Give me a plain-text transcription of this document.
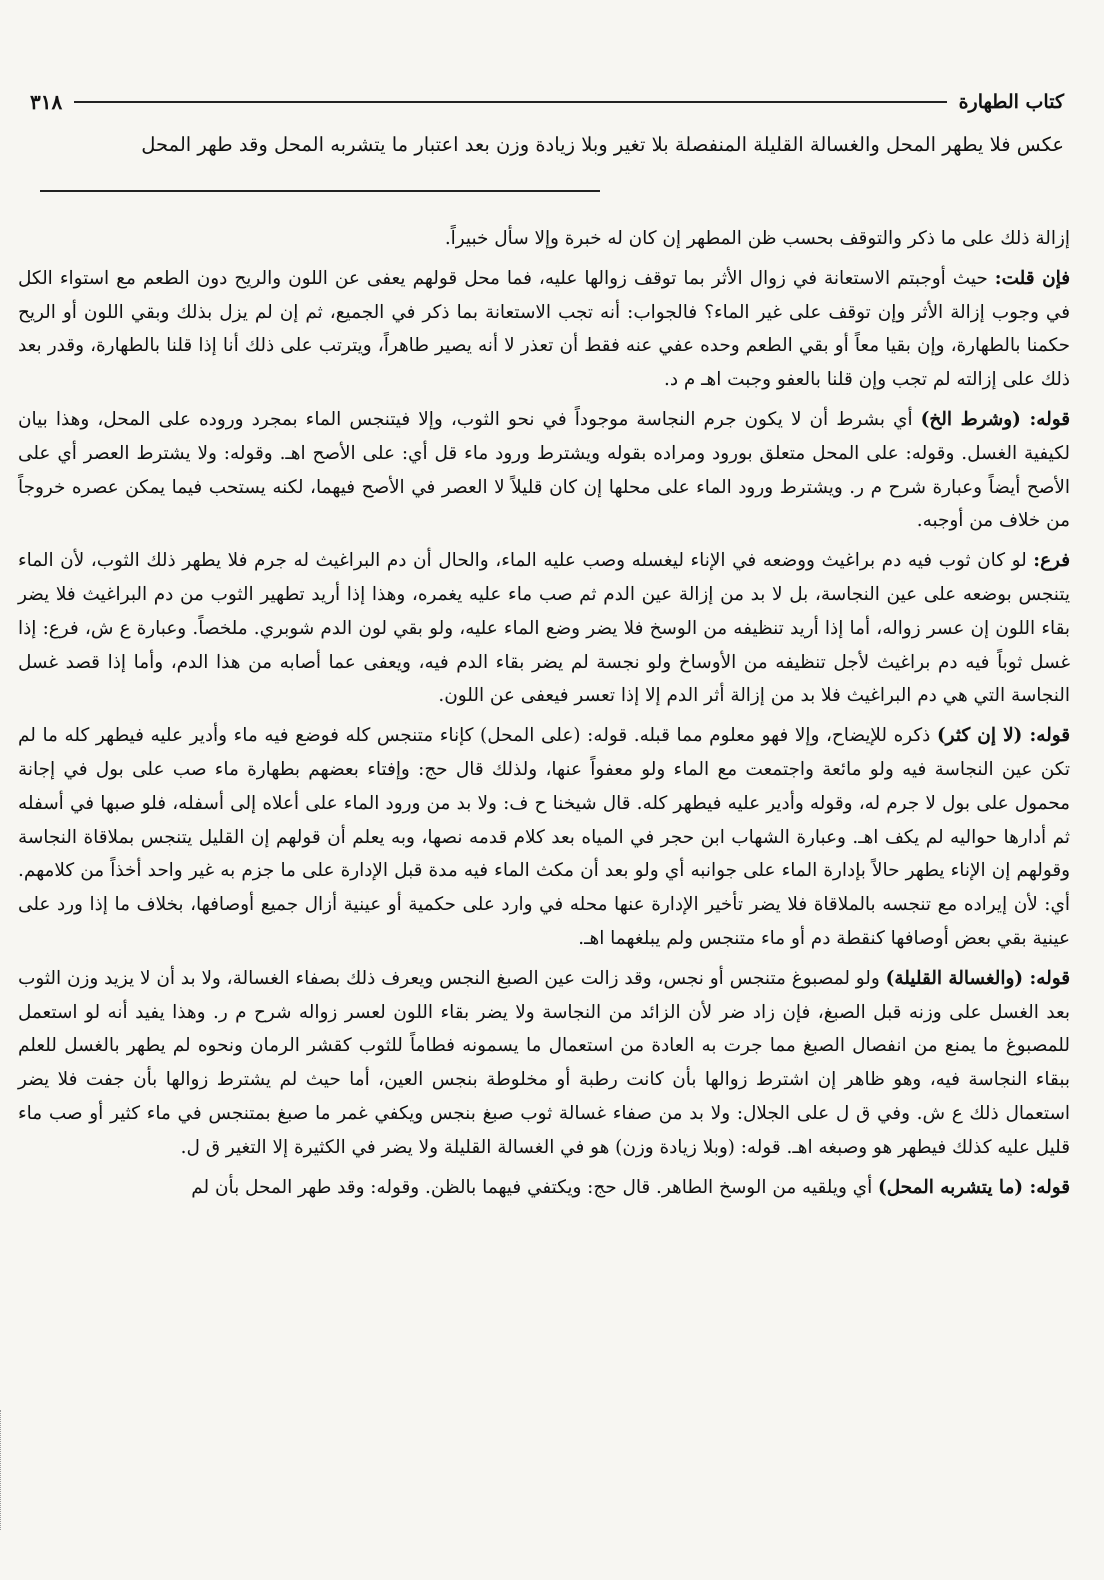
٣١٨	كتاب الطهارة
عكس فلا يطهر المحل والغسالة القليلة المنفصلة بلا تغير وبلا زيادة وزن بعد اعتبار ما يتشربه المحل وقد طهر المحل

إزالة ذلك على ما ذكر والتوقف بحسب ظن المطهر إن كان له خبرة وإلا سأل خبيراً.

فإن قلت: حيث أوجبتم الاستعانة في زوال الأثر بما توقف زوالها عليه، فما محل قولهم يعفى عن اللون والريح دون الطعم مع استواء الكل في وجوب إزالة الأثر وإن توقف على غير الماء؟ فالجواب: أنه تجب الاستعانة بما ذكر في الجميع، ثم إن لم يزل بذلك وبقي اللون أو الريح حكمنا بالطهارة، وإن بقيا معاً أو بقي الطعم وحده عفي عنه فقط أن تعذر لا أنه يصير طاهراً، ويترتب على ذلك أنا إذا قلنا بالطهارة، وقدر بعد ذلك على إزالته لم تجب وإن قلنا بالعفو وجبت اهـ م د.

قوله: (وشرط الخ) أي بشرط أن لا يكون جرم النجاسة موجوداً في نحو الثوب، وإلا فيتنجس الماء بمجرد وروده على المحل، وهذا بيان لكيفية الغسل. وقوله: على المحل متعلق بورود ومراده بقوله ويشترط ورود ماء قل أي: على الأصح اهـ. وقوله: ولا يشترط العصر أي على الأصح أيضاً وعبارة شرح م ر. ويشترط ورود الماء على محلها إن كان قليلاً لا العصر في الأصح فيهما، لكنه يستحب فيما يمكن عصره خروجاً من خلاف من أوجبه.

فرع: لو كان ثوب فيه دم براغيث ووضعه في الإناء ليغسله وصب عليه الماء، والحال أن دم البراغيث له جرم فلا يطهر ذلك الثوب، لأن الماء يتنجس بوضعه على عين النجاسة، بل لا بد من إزالة عين الدم ثم صب ماء عليه يغمره، وهذا إذا أريد تطهير الثوب من دم البراغيث فلا يضر بقاء اللون إن عسر زواله، أما إذا أريد تنظيفه من الوسخ فلا يضر وضع الماء عليه، ولو بقي لون الدم شوبري. ملخصاً. وعبارة ع ش، فرع: إذا غسل ثوباً فيه دم براغيث لأجل تنظيفه من الأوساخ ولو نجسة لم يضر بقاء الدم فيه، ويعفى عما أصابه من هذا الدم، وأما إذا قصد غسل النجاسة التي هي دم البراغيث فلا بد من إزالة أثر الدم إلا إذا تعسر فيعفى عن اللون.

قوله: (لا إن كثر) ذكره للإيضاح، وإلا فهو معلوم مما قبله. قوله: (على المحل) كإناء متنجس كله فوضع فيه ماء وأدير عليه فيطهر كله ما لم تكن عين النجاسة فيه ولو مائعة واجتمعت مع الماء ولو معفواً عنها، ولذلك قال حج: وإفتاء بعضهم بطهارة ماء صب على بول في إجانة محمول على بول لا جرم له، وقوله وأدير عليه فيطهر كله. قال شيخنا ح ف: ولا بد من ورود الماء على أعلاه إلى أسفله، فلو صبها في أسفله ثم أدارها حواليه لم يكف اهـ. وعبارة الشهاب ابن حجر في المياه بعد كلام قدمه نصها، وبه يعلم أن قولهم إن القليل يتنجس بملاقاة النجاسة وقولهم إن الإناء يطهر حالاً بإدارة الماء على جوانبه أي ولو بعد أن مكث الماء فيه مدة قبل الإدارة على ما جزم به غير واحد أخذاً من كلامهم. أي: لأن إيراده مع تنجسه بالملاقاة فلا يضر تأخير الإدارة عنها محله في وارد على حكمية أو عينية أزال جميع أوصافها، بخلاف ما إذا ورد على عينية بقي بعض أوصافها كنقطة دم أو ماء متنجس ولم يبلغهما اهـ.

قوله: (والغسالة القليلة) ولو لمصبوغ متنجس أو نجس، وقد زالت عين الصبغ النجس ويعرف ذلك بصفاء الغسالة، ولا بد أن لا يزيد وزن الثوب بعد الغسل على وزنه قبل الصبغ، فإن زاد ضر لأن الزائد من النجاسة ولا يضر بقاء اللون لعسر زواله شرح م ر. وهذا يفيد أنه لو استعمل للمصبوغ ما يمنع من انفصال الصبغ مما جرت به العادة من استعمال ما يسمونه فطاماً للثوب كقشر الرمان ونحوه لم يطهر بالغسل للعلم ببقاء النجاسة فيه، وهو ظاهر إن اشترط زوالها بأن كانت رطبة أو مخلوطة بنجس العين، أما حيث لم يشترط زوالها بأن جفت فلا يضر استعمال ذلك ع ش. وفي ق ل على الجلال: ولا بد من صفاء غسالة ثوب صبغ بنجس ويكفي غمر ما صبغ بمتنجس في ماء كثير أو صب ماء قليل عليه كذلك فيطهر هو وصبغه اهـ. قوله: (وبلا زيادة وزن) هو في الغسالة القليلة ولا يضر في الكثيرة إلا التغير ق ل.

قوله: (ما يتشربه المحل) أي ويلقيه من الوسخ الطاهر. قال حج: ويكتفي فيهما بالظن. وقوله: وقد طهر المحل بأن لم
